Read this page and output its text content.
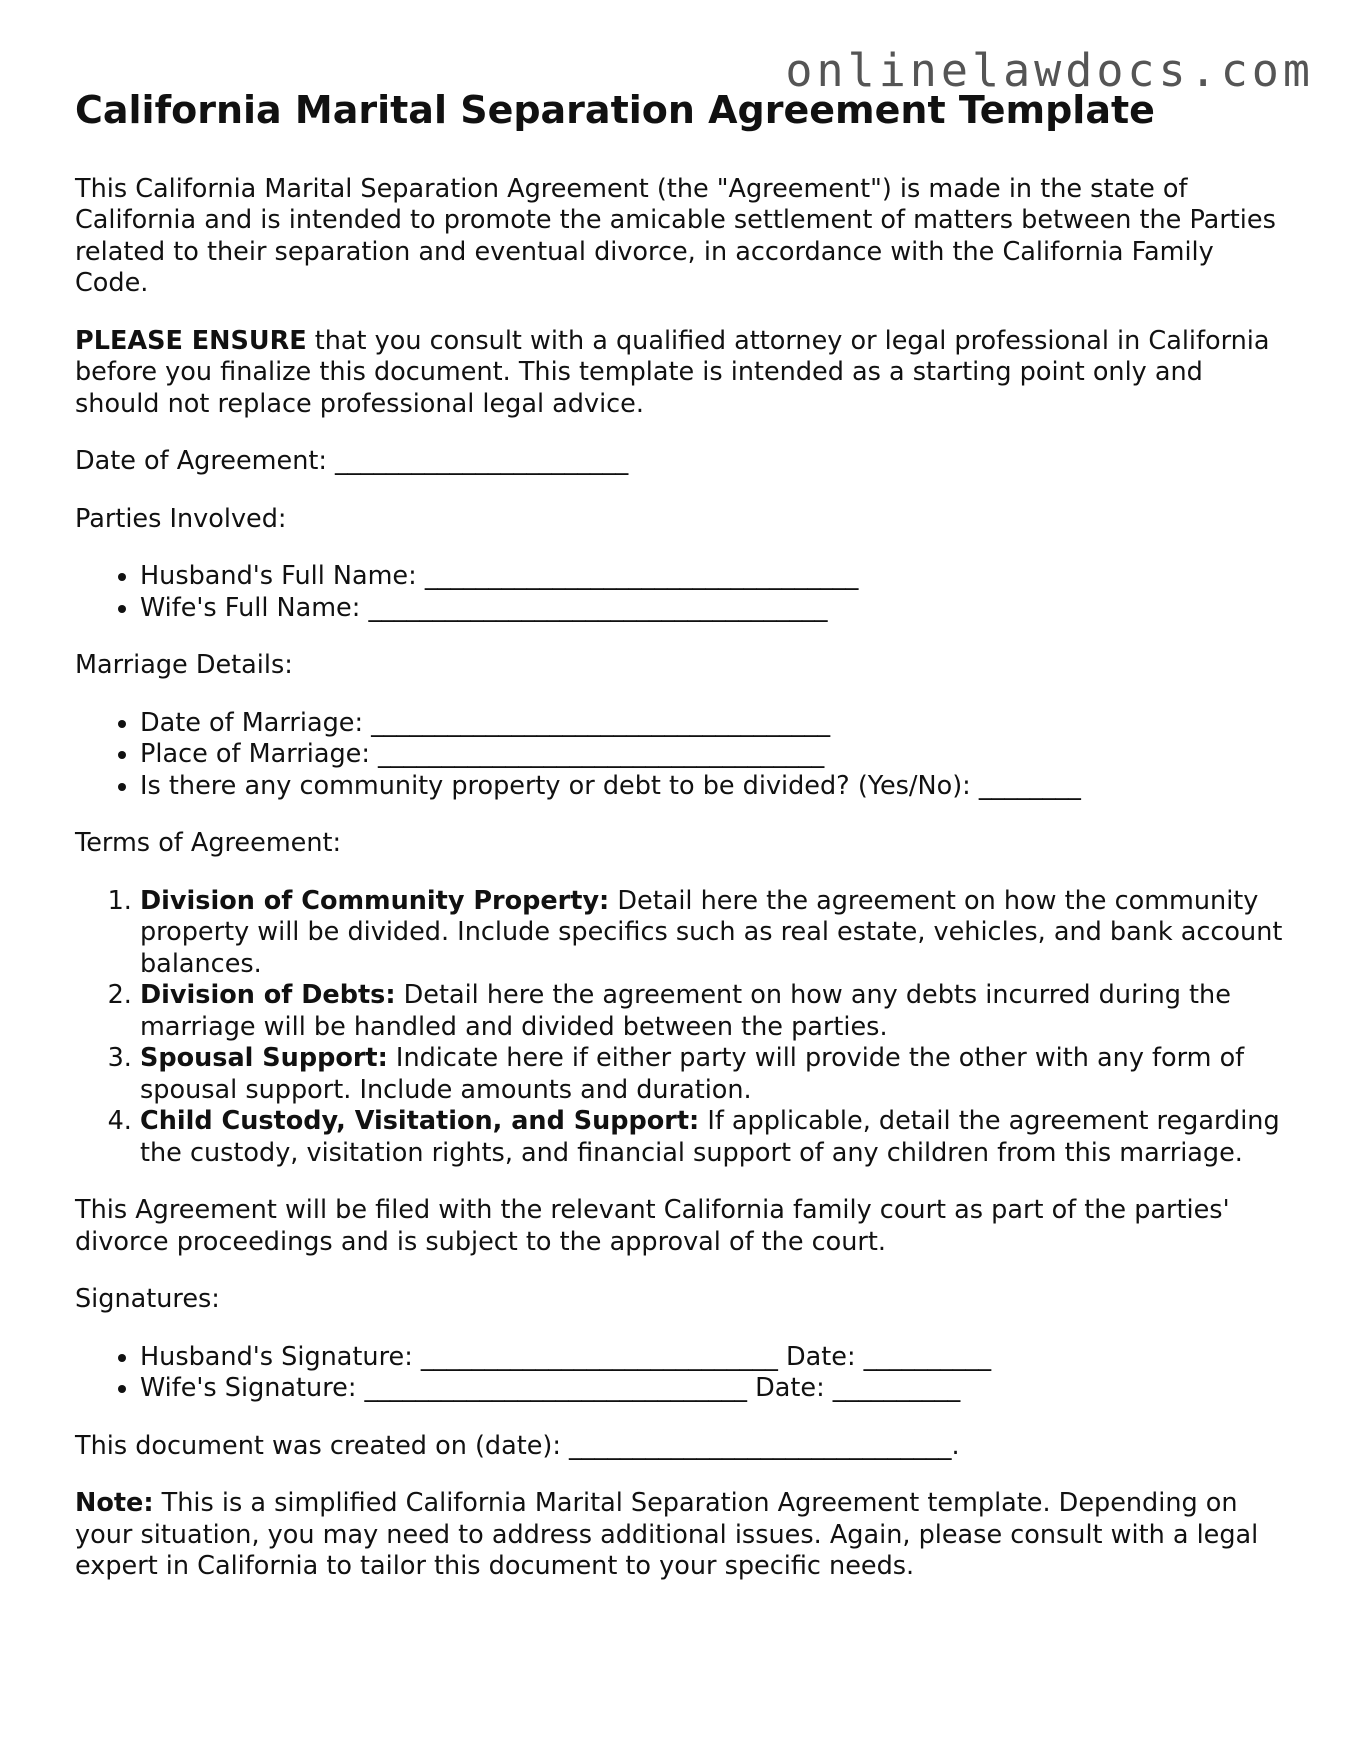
onlinelawdocs.com
California Marital Separation Agreement Template

This California Marital Separation Agreement (the "Agreement") is made in the state of California and is intended to promote the amicable settlement of matters between the Parties related to their separation and eventual divorce, in accordance with the California Family Code.

PLEASE ENSURE that you consult with a qualified attorney or legal professional in California before you finalize this document. This template is intended as a starting point only and should not replace professional legal advice.

Date of Agreement: _______________________

Parties Involved:

• Husband's Full Name: __________________________________
• Wife's Full Name: ____________________________________

Marriage Details:

• Date of Marriage: ____________________________________
• Place of Marriage: ___________________________________
• Is there any community property or debt to be divided? (Yes/No): ________

Terms of Agreement:

1. Division of Community Property: Detail here the agreement on how the community property will be divided. Include specifics such as real estate, vehicles, and bank account balances.
2. Division of Debts: Detail here the agreement on how any debts incurred during the marriage will be handled and divided between the parties.
3. Spousal Support: Indicate here if either party will provide the other with any form of spousal support. Include amounts and duration.
4. Child Custody, Visitation, and Support: If applicable, detail the agreement regarding the custody, visitation rights, and financial support of any children from this marriage.

This Agreement will be filed with the relevant California family court as part of the parties' divorce proceedings and is subject to the approval of the court.

Signatures:

• Husband's Signature: ____________________________ Date: __________
• Wife's Signature: ______________________________ Date: __________

This document was created on (date): ______________________________.

Note: This is a simplified California Marital Separation Agreement template. Depending on your situation, you may need to address additional issues. Again, please consult with a legal expert in California to tailor this document to your specific needs.
